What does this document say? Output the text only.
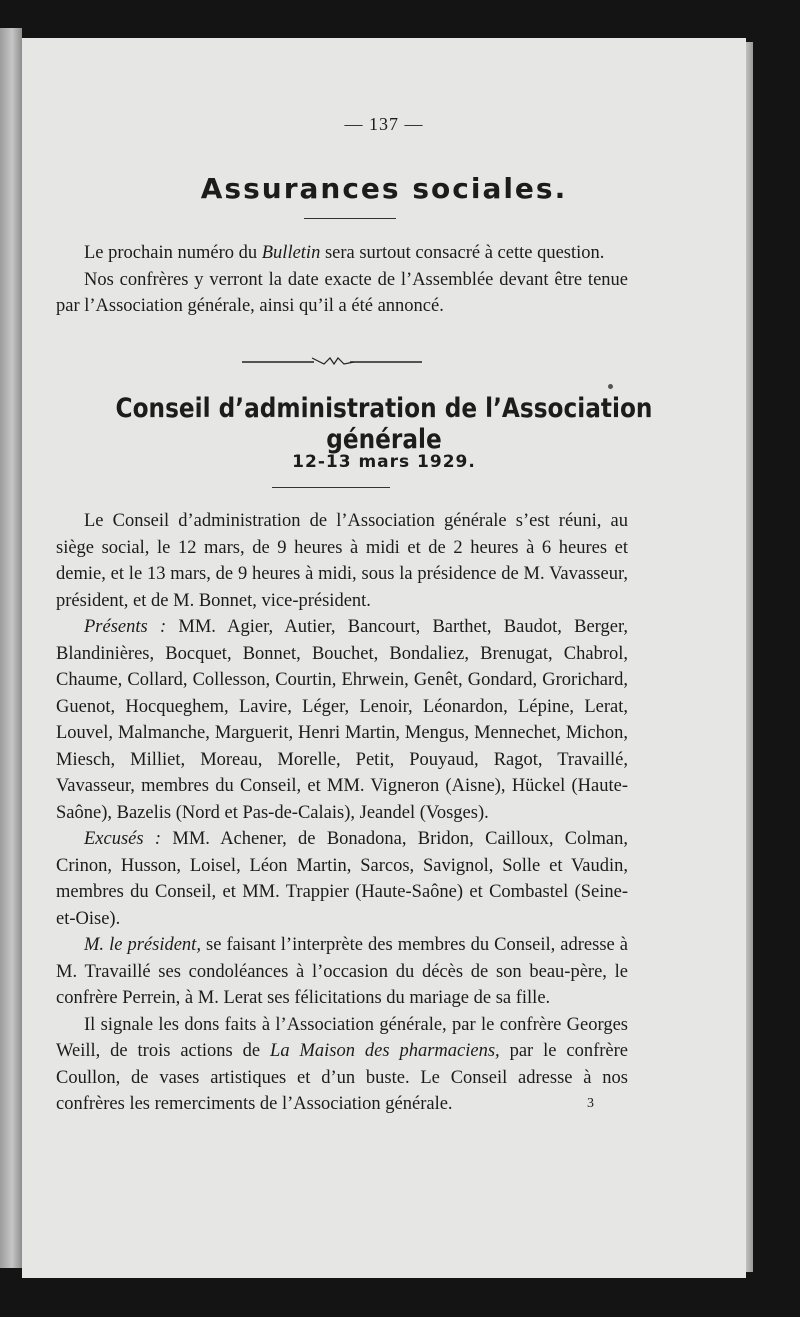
— 137 —
Assurances sociales.

Le prochain numéro du Bulletin sera surtout consacré à cette question.

Nos confrères y verront la date exacte de l’Assemblée devant être tenue par l’Association générale, ainsi qu’il a été annoncé.

Conseil d’administration de l’Association générale
12-13 mars 1929.

Le Conseil d’administration de l’Association générale s’est réuni, au siège social, le 12 mars, de 9 heures à midi et de 2 heures à 6 heures et demie, et le 13 mars, de 9 heures à midi, sous la présidence de M. Vavasseur, président, et de M. Bonnet, vice-président.

Présents : MM. Agier, Autier, Bancourt, Barthet, Baudot, Berger, Blandinières, Bocquet, Bonnet, Bouchet, Bondaliez, Brenugat, Chabrol, Chaume, Collard, Collesson, Courtin, Ehrwein, Genêt, Gondard, Grorichard, Guenot, Hocqueghem, Lavire, Léger, Lenoir, Léonardon, Lépine, Lerat, Louvel, Malmanche, Marguerit, Henri Martin, Mengus, Mennechet, Michon, Miesch, Milliet, Moreau, Morelle, Petit, Pouyaud, Ragot, Travaillé, Vavasseur, membres du Conseil, et MM. Vigneron (Aisne), Hückel (Haute-Saône), Bazelis (Nord et Pas-de-Calais), Jeandel (Vosges).

Excusés : MM. Achener, de Bonadona, Bridon, Cailloux, Colman, Crinon, Husson, Loisel, Léon Martin, Sarcos, Savignol, Solle et Vaudin, membres du Conseil, et MM. Trappier (Haute-Saône) et Combastel (Seine-et-Oise).

M. le président, se faisant l’interprète des membres du Conseil, adresse à M. Travaillé ses condoléances à l’occasion du décès de son beau-père, le confrère Perrein, à M. Lerat ses félicitations du mariage de sa fille.

Il signale les dons faits à l’Association générale, par le confrère Georges Weill, de trois actions de La Maison des pharmaciens, par le confrère Coullon, de vases artistiques et d’un buste. Le Conseil adresse à nos confrères les remerciments de l’Association générale.	3
